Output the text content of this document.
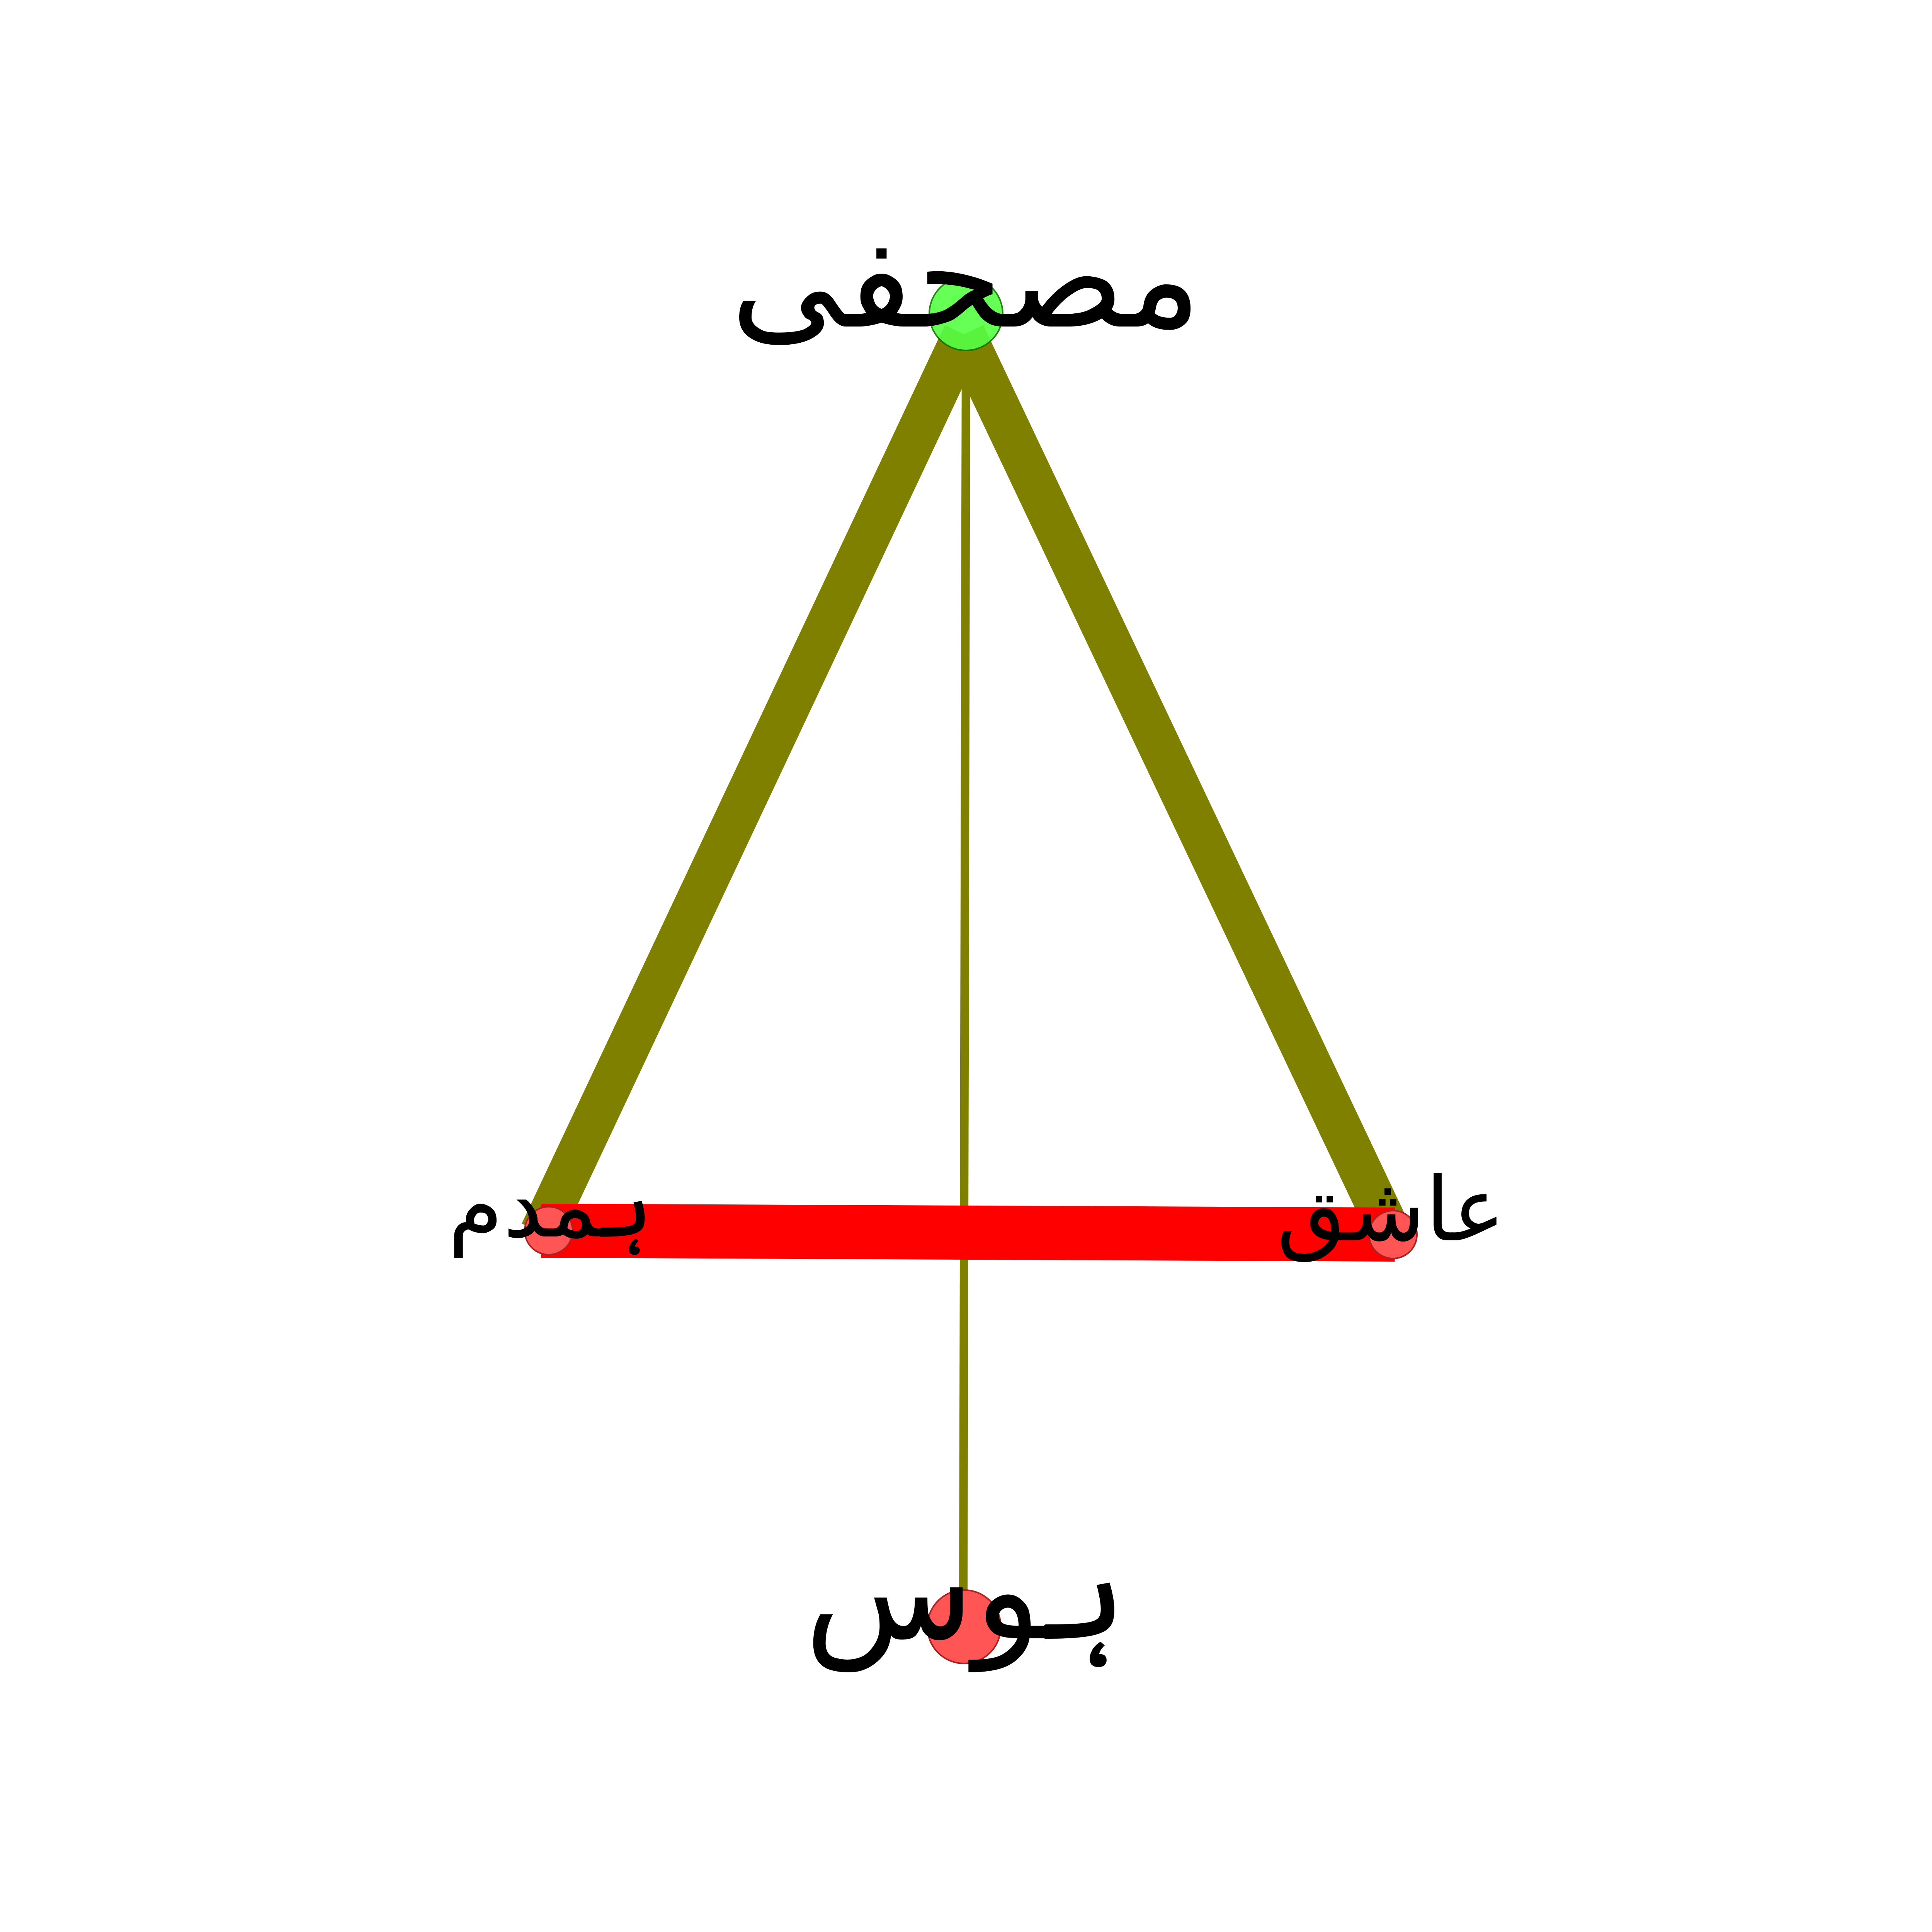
مصحفی
ہمدم	عاشق
ہوس
